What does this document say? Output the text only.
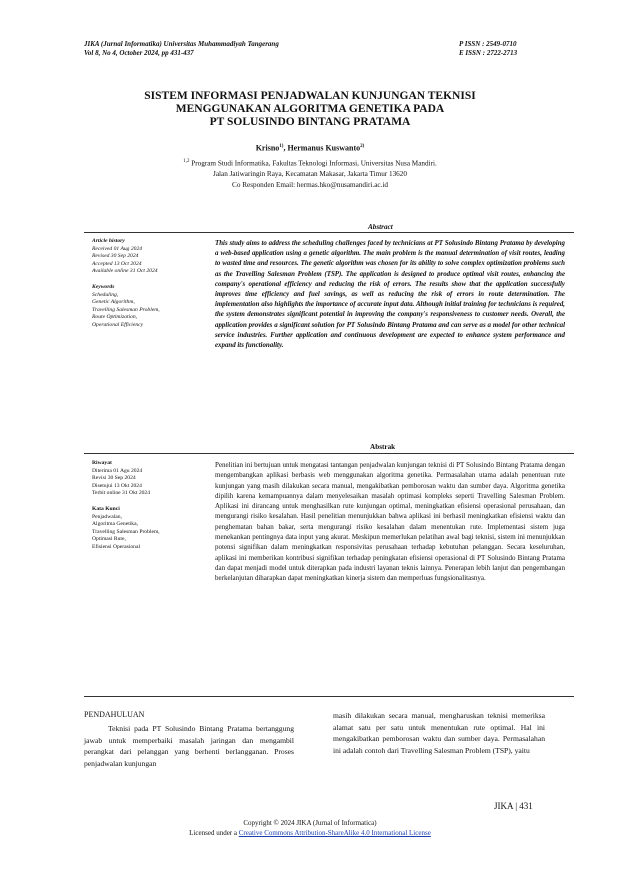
JIKA (Jurnal Informatika) Universitas Muhammadiyah Tangerang
Vol 8, No 4, October 2024, pp 431-437
P ISSN : 2549-0710
E ISSN : 2722-2713
SISTEM INFORMASI PENJADWALAN KUNJUNGAN TEKNISI
MENGGUNAKAN ALGORITMA GENETIKA PADA
PT SOLUSINDO BINTANG PRATAMA
Krisno$^{1)}$, Hermanus Kuswanto$^{2)}$
$^{1,2}$ Program Studi Informatika, Fakultas Teknologi Informasi, Universitas Nusa Mandiri.
Jalan Jatiwaringin Raya, Kecamatan Makasar, Jakarta Timur 13620
Co Responden Email: hermas.hko@nusamandiri.ac.id
Abstract
Article history
Received 01 Aug 2024
Revised 30 Sep 2024
Accepted 13 Oct 2024
Available online 31 Oct 2024
Keywords
Scheduling,
Genetic Algorithm,
Travelling Salesman Problem,
Route Optimization,
Operational Efficiency
This study aims to address the scheduling challenges faced by technicians at PT Solusindo Bintang Pratama by developing a web-based application using a genetic algorithm. The main problem is the manual determination of visit routes, leading to wasted time and resources. The genetic algorithm was chosen for its ability to solve complex optimization problems such as the Travelling Salesman Problem (TSP). The application is designed to produce optimal visit routes, enhancing the company's operational efficiency and reducing the risk of errors. The results show that the application successfully improves time efficiency and fuel savings, as well as reducing the risk of errors in route determination. The implementation also highlights the importance of accurate input data. Although initial training for technicians is required, the system demonstrates significant potential in improving the company's responsiveness to customer needs. Overall, the application provides a significant solution for PT Solusindo Bintang Pratama and can serve as a model for other technical service industries. Further application and continuous development are expected to enhance system performance and expand its functionality.
Abstrak
Riwayat
Diterima 01 Agu 2024
Revisi 30 Sep 2024
Disetujui 13 Okt 2024
Terbit online 31 Okt 2024
Kata Kunci
Penjadwalan,
Algoritma Genetika,
Travelling Salesman Problem,
Optimasi Rute,
Efisiensi Operasional
Penelitian ini bertujuan untuk mengatasi tantangan penjadwalan kunjungan teknisi di PT Solusindo Bintang Pratama dengan mengembangkan aplikasi berbasis web menggunakan algoritma genetika. Permasalahan utama adalah penentuan rute kunjungan yang masih dilakukan secara manual, mengakibatkan pemborosan waktu dan sumber daya. Algoritma genetika dipilih karena kemampuannya dalam menyelesaikan masalah optimasi kompleks seperti Travelling Salesman Problem. Aplikasi ini dirancang untuk menghasilkan rute kunjungan optimal, meningkatkan efisiensi operasional perusahaan, dan mengurangi risiko kesalahan. Hasil penelitian menunjukkan bahwa aplikasi ini berhasil meningkatkan efisiensi waktu dan penghematan bahan bakar, serta mengurangi risiko kesalahan dalam menentukan rute. Implementasi sistem juga menekankan pentingnya data input yang akurat. Meskipun memerlukan pelatihan awal bagi teknisi, sistem ini menunjukkan potensi signifikan dalam meningkatkan responsivitas perusahaan terhadap kebutuhan pelanggan. Secara keseluruhan, aplikasi ini memberikan kontribusi signifikan terhadap peningkatan efisiensi operasional di PT Solusindo Bintang Pratama dan dapat menjadi model untuk diterapkan pada industri layanan teknis lainnya. Penerapan lebih lanjut dan pengembangan berkelanjutan diharapkan dapat meningkatkan kinerja sistem dan memperluas fungsionalitasnya.
PENDAHULUAN
Teknisi pada PT Solusindo Bintang Pratama bertanggung jawab untuk memperbaiki masalah jaringan dan mengambil perangkat dari pelanggan yang berhenti berlangganan. Proses penjadwalan kunjungan
masih dilakukan secara manual, mengharuskan teknisi memeriksa alamat satu per satu untuk menentukan rute optimal. Hal ini mengakibatkan pemborosan waktu dan sumber daya. Permasalahan ini adalah contoh dari Travelling Salesman Problem (TSP), yaitu
JIKA | 431
Copyright © 2024 JIKA (Jurnal of Informatica)
Licensed under a Creative Commons Attribution-ShareAlike 4.0 International License
